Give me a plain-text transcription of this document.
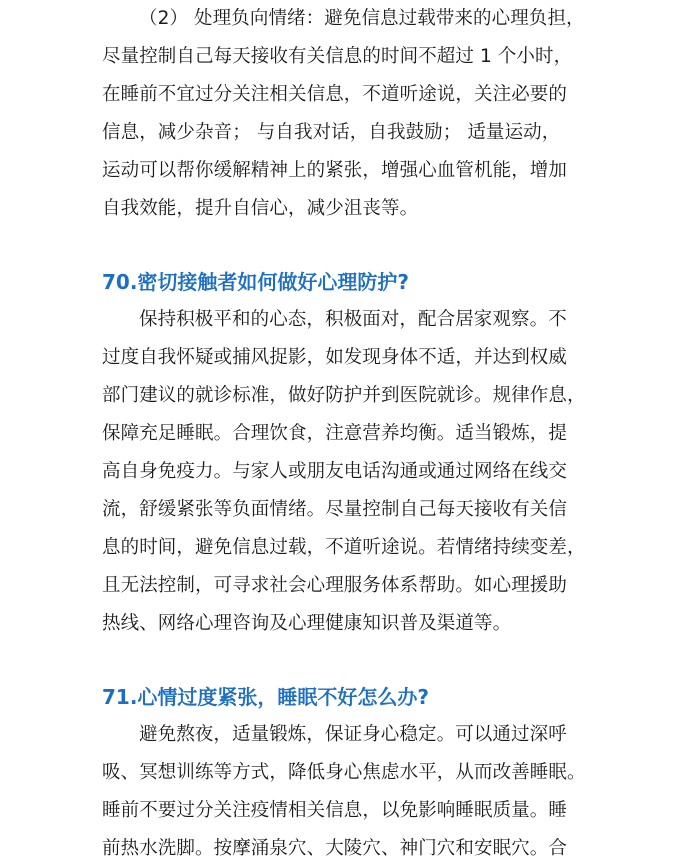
（2） 处理负向情绪：避免信息过载带来的心理负担，
尽量控制自己每天接收有关信息的时间不超过 1 个小时，
在睡前不宜过分关注相关信息，不道听途说，关注必要的
信息，减少杂音； 与自我对话，自我鼓励； 适量运动，
运动可以帮你缓解精神上的紧张，增强心血管机能，增加
自我效能，提升自信心，减少沮丧等。
70.密切接触者如何做好心理防护?
保持积极平和的心态，积极面对，配合居家观察。不
过度自我怀疑或捕风捉影，如发现身体不适，并达到权威
部门建议的就诊标准，做好防护并到医院就诊。规律作息，
保障充足睡眠。合理饮食，注意营养均衡。适当锻炼，提
高自身免疫力。与家人或朋友电话沟通或通过网络在线交
流，舒缓紧张等负面情绪。尽量控制自己每天接收有关信
息的时间，避免信息过载，不道听途说。若情绪持续变差，
且无法控制，可寻求社会心理服务体系帮助。如心理援助
热线、网络心理咨询及心理健康知识普及渠道等。
71.心情过度紧张，睡眠不好怎么办?
避免熬夜，适量锻炼，保证身心稳定。可以通过深呼
吸、冥想训练等方式，降低身心焦虑水平，从而改善睡眠。
睡前不要过分关注疫情相关信息，以免影响睡眠质量。睡
前热水洗脚。按摩涌泉穴、大陵穴、神门穴和安眠穴。合
